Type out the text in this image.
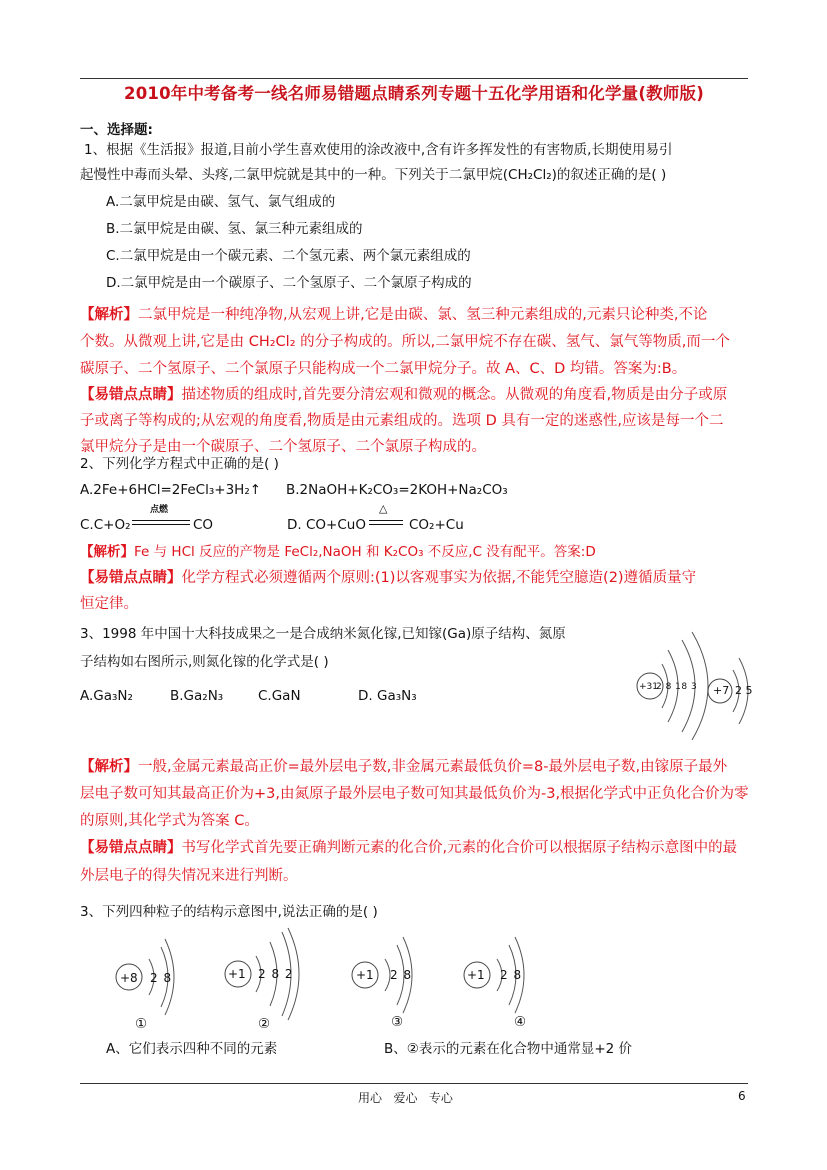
2010年中考备考一线名师易错题点睛系列专题十五化学用语和化学量(教师版)
一、选择题:
1、根据《生活报》报道,目前小学生喜欢使用的涂改液中,含有许多挥发性的有害物质,长期使用易引
起慢性中毒而头晕、头疼,二氯甲烷就是其中的一种。下列关于二氯甲烷(CH₂Cl₂)的叙述正确的是( )
A.二氯甲烷是由碳、氢气、氯气组成的
B.二氯甲烷是由碳、氢、氯三种元素组成的
C.二氯甲烷是由一个碳元素、二个氢元素、两个氯元素组成的
D.二氯甲烷是由一个碳原子、二个氢原子、二个氯原子构成的
【解析】二氯甲烷是一种纯净物,从宏观上讲,它是由碳、氯、氢三种元素组成的,元素只论种类,不论
个数。从微观上讲,它是由 CH₂Cl₂ 的分子构成的。所以,二氯甲烷不存在碳、氢气、氯气等物质,而一个
碳原子、二个氢原子、二个氯原子只能构成一个二氯甲烷分子。故 A、C、D 均错。答案为:B。
【易错点点睛】描述物质的组成时,首先要分清宏观和微观的概念。从微观的角度看,物质是由分子或原
子或离子等构成的;从宏观的角度看,物质是由元素组成的。选项 D 具有一定的迷惑性,应该是每一个二
氯甲烷分子是由一个碳原子、二个氢原子、二个氯原子构成的。
2、下列化学方程式中正确的是( )
A.2Fe+6HCl=2FeCl₃+3H₂↑ B.2NaOH+K₂CO₃=2KOH+Na₂CO₃
C.C+O₂
点燃
CO	D. CO+CuO
△
CO₂+Cu
【解析】Fe 与 HCl 反应的产物是 FeCl₂,NaOH 和 K₂CO₃ 不反应,C 没有配平。答案:D
【易错点点睛】化学方程式必须遵循两个原则:(1)以客观事实为依据,不能凭空臆造(2)遵循质量守
恒定律。
3、1998 年中国十大科技成果之一是合成纳米氮化镓,已知镓(Ga)原子结构、氮原
子结构如右图所示,则氮化镓的化学式是( )
A.Ga₃N₂	B.Ga₂N₃	C.GaN	D. Ga₃N₃
+31
2 8 18 3 +7 2 5
【解析】一般,金属元素最高正价=最外层电子数,非金属元素最低负价=8-最外层电子数,由镓原子最外
层电子数可知其最高正价为+3,由氮原子最外层电子数可知其最低负价为-3,根据化学式中正负化合价为零
的原则,其化学式为答案 C。
【易错点点睛】书写化学式首先要正确判断元素的化合价,元素的化合价可以根据原子结构示意图中的最
外层电子的得失情况来进行判断。
3、下列四种粒子的结构示意图中,说法正确的是( )
+8 2 8
①
+1 2 8 2
②
+1 2 8
③
+1 2 8
④
A、它们表示四种不同的元素	B、②表示的元素在化合物中通常显+2 价
用心   爱心   专心	6
